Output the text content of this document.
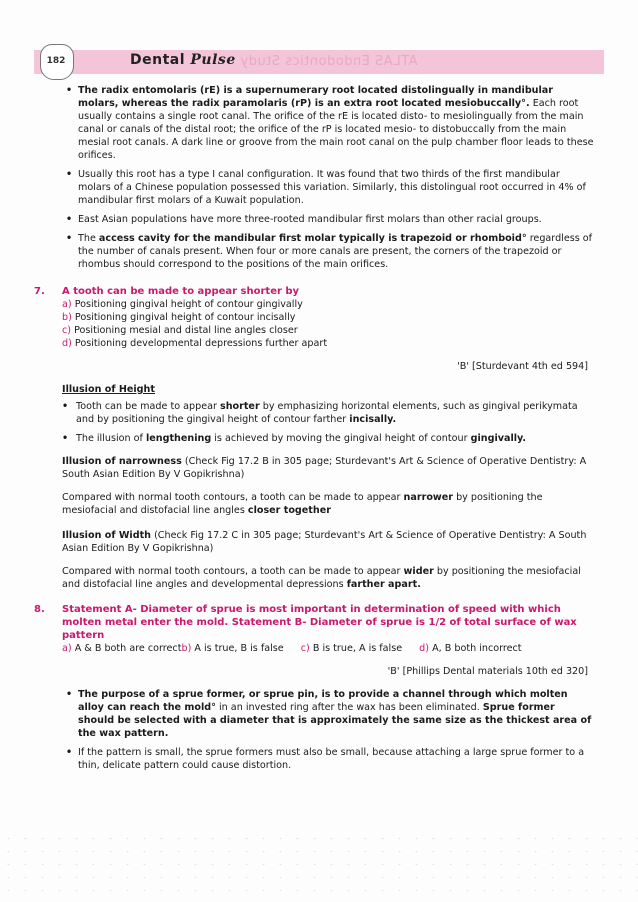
182	Dental Pulse ATLAS Endodontics Study
• The radix entomolaris (rE) is a supernumerary root located distolingually in mandibular molars, whereas the radix paramolaris (rP) is an extra root located mesiobuccally°. Each root usually contains a single root canal. The orifice of the rE is located disto- to mesiolingually from the main canal or canals of the distal root; the orifice of the rP is located mesio- to distobuccally from the main mesial root canals. A dark line or groove from the main root canal on the pulp chamber floor leads to these orifices.
• Usually this root has a type I canal configuration. It was found that two thirds of the first mandibular molars of a Chinese population possessed this variation. Similarly, this distolingual root occurred in 4% of mandibular first molars of a Kuwait population.
• East Asian populations have more three-rooted mandibular first molars than other racial groups.
• The access cavity for the mandibular first molar typically is trapezoid or rhomboid° regardless of the number of canals present. When four or more canals are present, the corners of the trapezoid or rhombus should correspond to the positions of the main orifices.
7. A tooth can be made to appear shorter by
a) Positioning gingival height of contour gingivally
b) Positioning gingival height of contour incisally
c) Positioning mesial and distal line angles closer
d) Positioning developmental depressions further apart
'B' [Sturdevant 4th ed 594]
Illusion of Height
• Tooth can be made to appear shorter by emphasizing horizontal elements, such as gingival perikymata and by positioning the gingival height of contour farther incisally.
• The illusion of lengthening is achieved by moving the gingival height of contour gingivally.
Illusion of narrowness (Check Fig 17.2 B in 305 page; Sturdevant's Art & Science of Operative Dentistry: A South Asian Edition By V Gopikrishna)
Compared with normal tooth contours, a tooth can be made to appear narrower by positioning the mesiofacial and distofacial line angles closer together
Illusion of Width (Check Fig 17.2 C in 305 page; Sturdevant's Art & Science of Operative Dentistry: A South Asian Edition By V Gopikrishna)
Compared with normal tooth contours, a tooth can be made to appear wider by positioning the mesiofacial and distofacial line angles and developmental depressions farther apart.
8. Statement A- Diameter of sprue is most important in determination of speed with which molten metal enter the mold. Statement B- Diameter of sprue is 1/2 of total surface of wax pattern
a) A & B both are correctb) A is true, B is false c) B is true, A is false d) A, B both incorrect
'B' [Phillips Dental materials 10th ed 320]
• The purpose of a sprue former, or sprue pin, is to provide a channel through which molten alloy can reach the mold° in an invested ring after the wax has been eliminated. Sprue former should be selected with a diameter that is approximately the same size as the thickest area of the wax pattern.
• If the pattern is small, the sprue formers must also be small, because attaching a large sprue former to a thin, delicate pattern could cause distortion.
